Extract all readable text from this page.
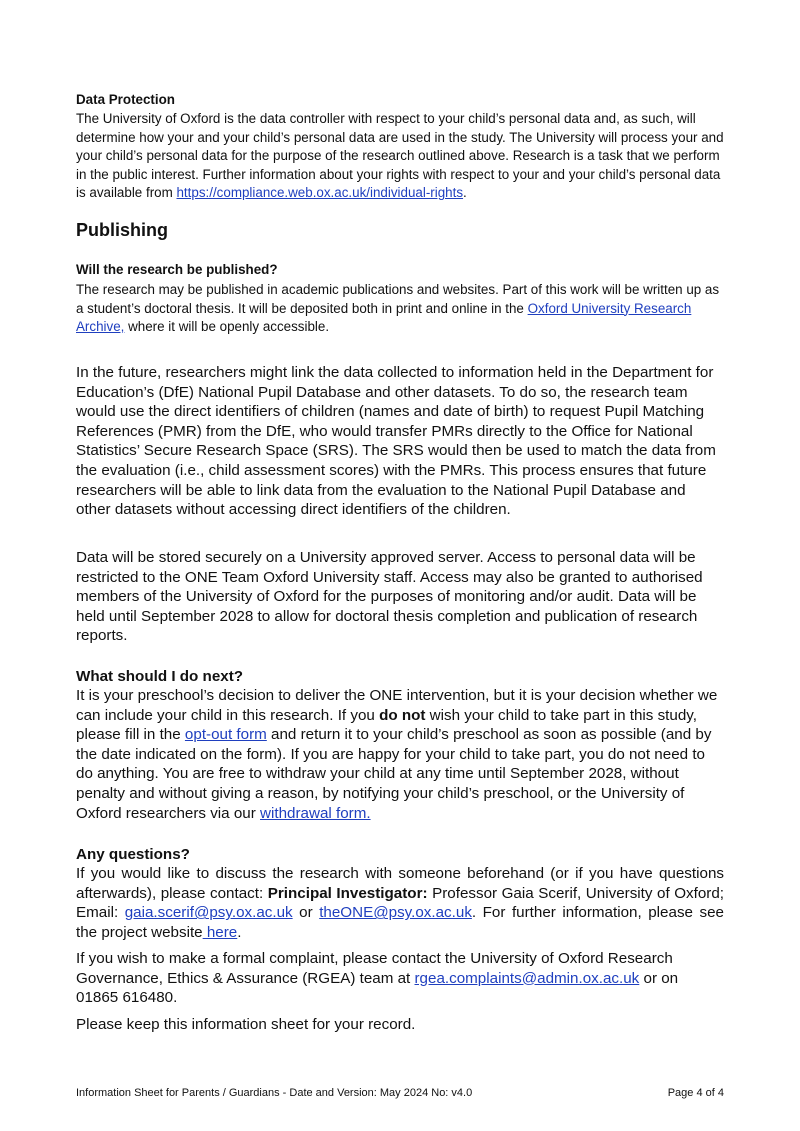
Data Protection

The University of Oxford is the data controller with respect to your child’s personal data and, as such, will determine how your and your child’s personal data are used in the study. The University will process your and your child’s personal data for the purpose of the research outlined above. Research is a task that we perform in the public interest. Further information about your rights with respect to your and your child’s personal data is available from https://compliance.web.ox.ac.uk/individual-rights.

Publishing

Will the research be published?

The research may be published in academic publications and websites. Part of this work will be written up as a student’s doctoral thesis. It will be deposited both in print and online in the Oxford University Research Archive, where it will be openly accessible.

In the future, researchers might link the data collected to information held in the Department for Education’s (DfE) National Pupil Database and other datasets. To do so, the research team would use the direct identifiers of children (names and date of birth) to request Pupil Matching References (PMR) from the DfE, who would transfer PMRs directly to the Office for National Statistics’ Secure Research Space (SRS). The SRS would then be used to match the data from the evaluation (i.e., child assessment scores) with the PMRs. This process ensures that future researchers will be able to link data from the evaluation to the National Pupil Database and other datasets without accessing direct identifiers of the children.

Data will be stored securely on a University approved server. Access to personal data will be restricted to the ONE Team Oxford University staff. Access may also be granted to authorised members of the University of Oxford for the purposes of monitoring and/or audit. Data will be held until September 2028 to allow for doctoral thesis completion and publication of research reports.

What should I do next?

It is your preschool’s decision to deliver the ONE intervention, but it is your decision whether we can include your child in this research. If you do not wish your child to take part in this study, please fill in the opt-out form and return it to your child’s preschool as soon as possible (and by the date indicated on the form). If you are happy for your child to take part, you do not need to do anything. You are free to withdraw your child at any time until September 2028, without penalty and without giving a reason, by notifying your child’s preschool, or the University of Oxford researchers via our withdrawal form.

Any questions?

If you would like to discuss the research with someone beforehand (or if you have questions afterwards), please contact: Principal Investigator: Professor Gaia Scerif, University of Oxford; Email: gaia.scerif@psy.ox.ac.uk or theONE@psy.ox.ac.uk. For further information, please see the project website here.

If you wish to make a formal complaint, please contact the University of Oxford Research Governance, Ethics & Assurance (RGEA) team at rgea.complaints@admin.ox.ac.uk or on 01865 616480.

Please keep this information sheet for your record.

Information Sheet for Parents / Guardians - Date and Version: May 2024 No: v4.0	Page 4 of 4
